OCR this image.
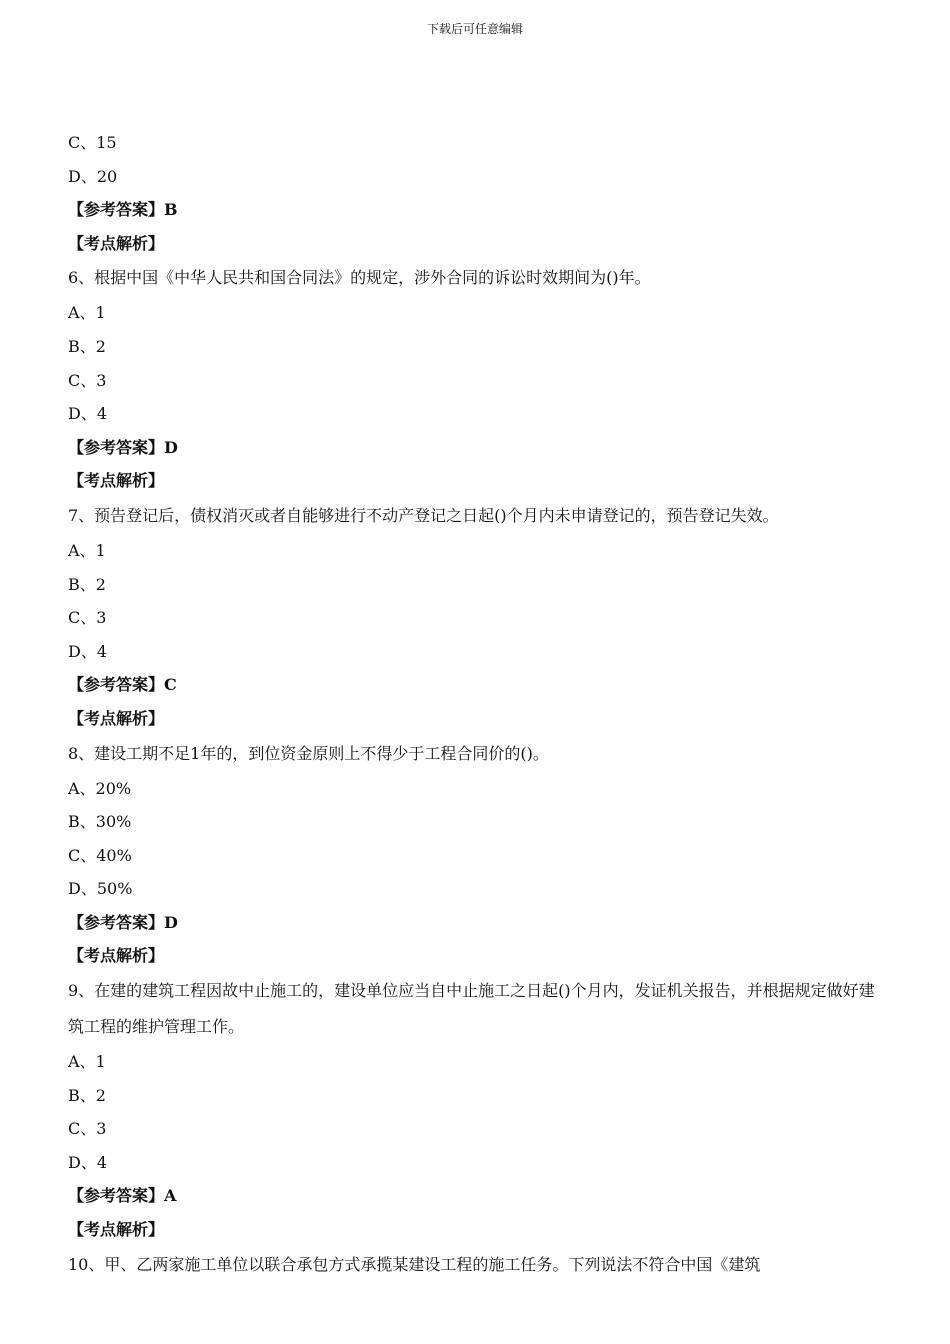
下载后可任意编辑
C、15
D、20
【参考答案】B
【考点解析】
6、根据中国《中华人民共和国合同法》的规定，涉外合同的诉讼时效期间为()年。
A、1
B、2
C、3
D、4
【参考答案】D
【考点解析】
7、预告登记后，债权消灭或者自能够进行不动产登记之日起()个月内未申请登记的，预告登记失效。
A、1
B、2
C、3
D、4
【参考答案】C
【考点解析】
8、建设工期不足1年的，到位资金原则上不得少于工程合同价的()。
A、20%
B、30%
C、40%
D、50%
【参考答案】D
【考点解析】
9、在建的建筑工程因故中止施工的，建设单位应当自中止施工之日起()个月内，发证机关报告，并根据规定做好建筑工程的维护管理工作。
A、1
B、2
C、3
D、4
【参考答案】A
【考点解析】
10、甲、乙两家施工单位以联合承包方式承揽某建设工程的施工任务。下列说法不符合中国《建筑
